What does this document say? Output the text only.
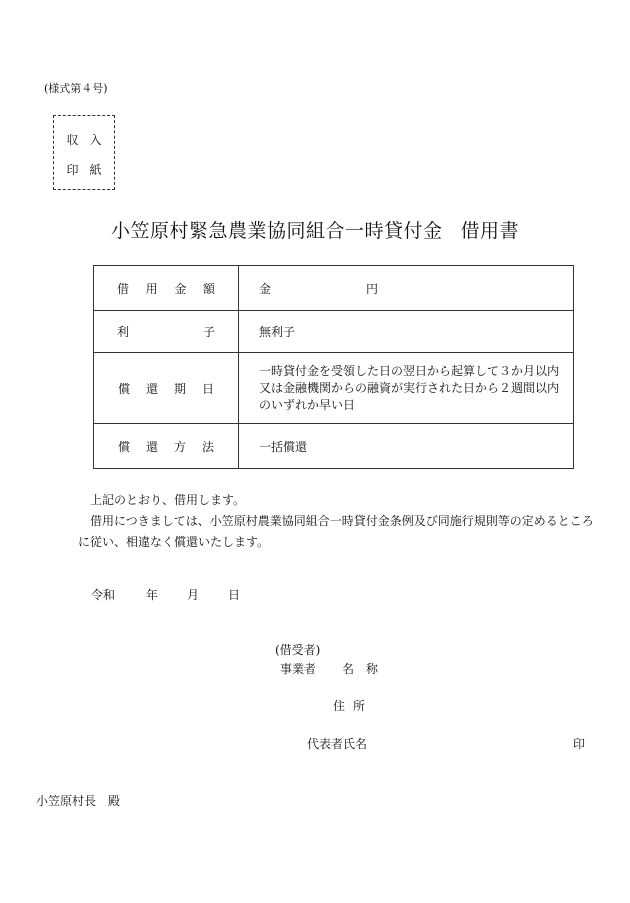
(様式第４号)
収入
印紙
小笠原村緊急農業協同組合一時貸付金 借用書
借 用 金 額	金 円

利 子	無利子

償 還 期 日	一時貸付金を受領した日の翌日から起算して３か月以内又は金融機関からの融資が実行された日から２週間以内のいずれか早い日

償 還 方 法	一括償還

上記のとおり、借用します。

借用につきましては、小笠原村農業協同組合一時貸付金条例及び同施行規則等の定めるところに従い、相違なく償還いたします。

令和	年 月 日
(借受者)
事業者 名　称
住所
代表者氏名	印
小笠原村長 殿
